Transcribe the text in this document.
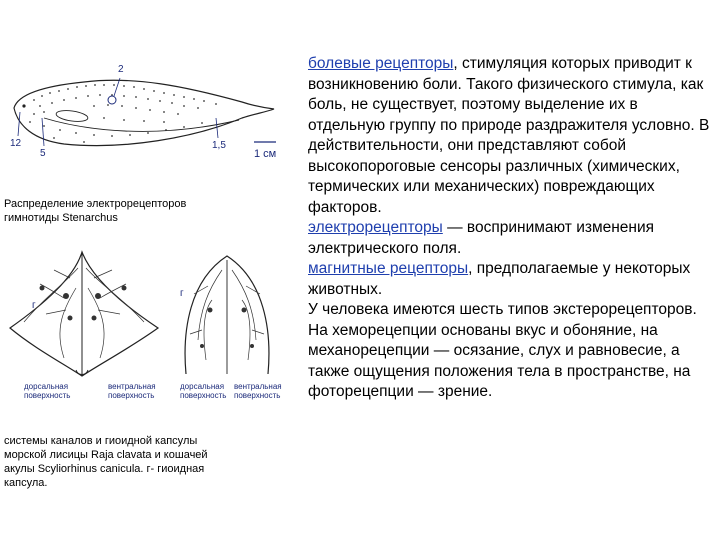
2
12
5
1,5
1 см
Распределение электрорецепторов
гимнотиды Stenarchus
г
дорсальная
поверхность
вентральная
поверхность
г
дорсальная
поверхность
вентральная
поверхность
системы каналов и гиоидной капсулы
морской лисицы Raja clavata и кошачей
акулы Scyliorhinus canicula. г- гиоидная
капсула.

болевые рецепторы, стимуляция которых приводит к возникновению боли. Такого физического стимула, как боль, не существует, поэтому выделение их в отдельную группу по природе раздражителя условно. В действительности, они представляют собой высокопороговые сенсоры различных (химических, термических или механических) повреждающих факторов.

электрорецепторы — воспринимают изменения электрического поля.

магнитные рецепторы, предполагаемые у некоторых животных.

У человека имеются шесть типов экстерорецепторов. На хеморецепции основаны вкус и обоняние, на механорецепции — осязание, слух и равновесие, а также ощущения положения тела в пространстве, на фоторецепции — зрение.
